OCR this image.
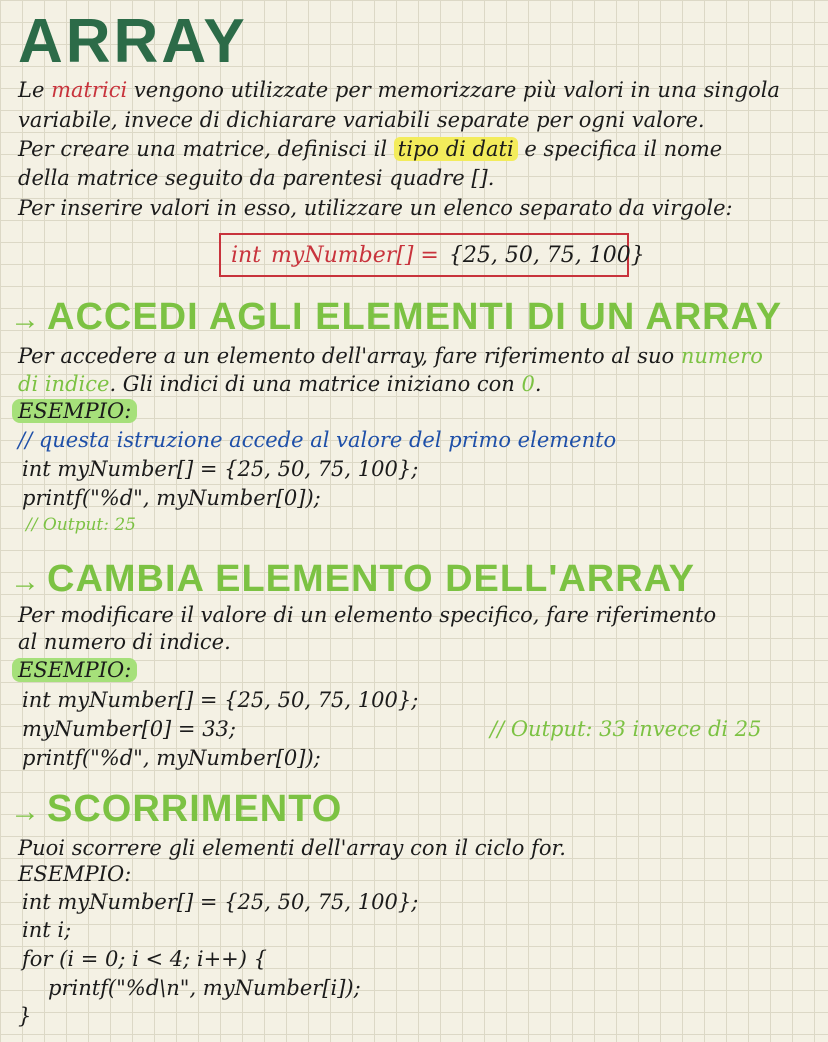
ARRAY
Le matrici vengono utilizzate per memorizzare più valori in una singola
variabile, invece di dichiarare variabili separate per ogni valore.
Per creare una matrice, definisci il tipo di dati e specifica il nome
della matrice seguito da parentesi quadre [].
Per inserire valori in esso, utilizzare un elenco separato da virgole:
int myNumber[] = {25, 50, 75, 100}
→ ACCEDI AGLI ELEMENTI DI UN ARRAY
Per accedere a un elemento dell'array, fare riferimento al suo numero
di indice. Gli indici di una matrice iniziano con 0.
ESEMPIO:
// questa istruzione accede al valore del primo elemento
int myNumber[] = {25, 50, 75, 100};
printf("%d", myNumber[0]);
// Output: 25
→ CAMBIA ELEMENTO DELL'ARRAY
Per modificare il valore di un elemento specifico, fare riferimento
al numero di indice.
ESEMPIO:
int myNumber[] = {25, 50, 75, 100};
myNumber[0] = 33;	// Output: 33 invece di 25
printf("%d", myNumber[0]);
→ SCORRIMENTO
Puoi scorrere gli elementi dell'array con il ciclo for.
ESEMPIO:
int myNumber[] = {25, 50, 75, 100};
int i;
for (i = 0; i < 4; i++) {
printf("%d\n", myNumber[i]);
}
